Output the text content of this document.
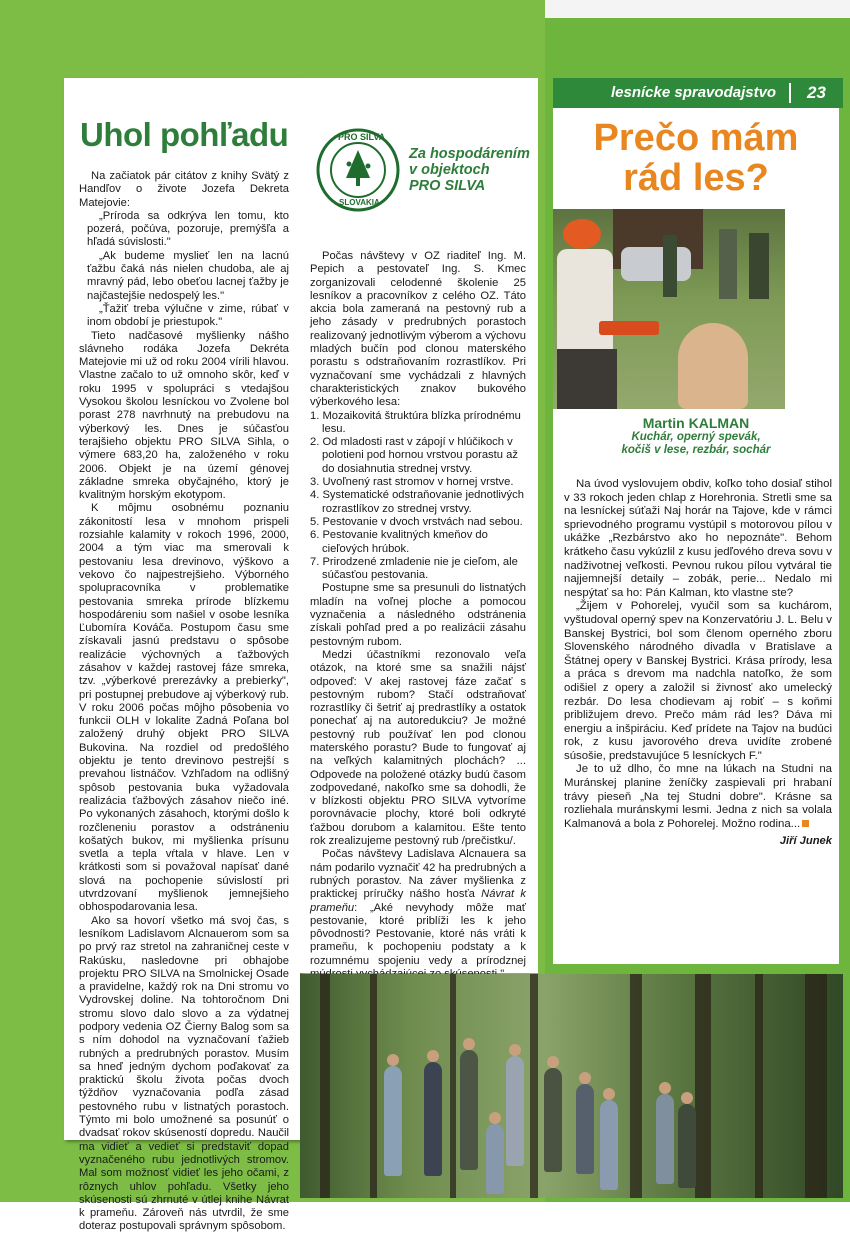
lesnícke spravodajstvo 23
Uhol pohľadu

Na začiatok pár citátov z knihy Svätý z Handľov o živote Jozefa Dekreta Matejovie:

„Príroda sa odkrýva len tomu, kto pozerá, počúva, pozoruje, premýšľa a hľadá súvislosti."

„Ak budeme myslieť len na lacnú ťažbu čaká nás nielen chudoba, ale aj mravný pád, lebo obeťou lacnej ťažby je najčastejšie nedospelý les."

„Ťažiť treba výlučne v zime, rúbať v inom období je priestupok."

Tieto nadčasové myšlienky nášho slávneho rodáka Jozefa Dekréta Matejovie mi už od roku 2004 vírili hlavou. Vlastne začalo to už omnoho skôr, keď v roku 1995 v spolupráci s vtedajšou Vysokou školou lesníckou vo Zvolene bol porast 278 navrhnutý na prebudovu na výberkový les. Dnes je súčasťou terajšieho objektu PRO SILVA Sihla, o výmere 683,20 ha, založeného v roku 2006. Objekt je na území génovej základne smreka obyčajného, ktorý je kvalitným horským ekotypom.

K môjmu osobnému poznaniu zákonitostí lesa v mnohom prispeli rozsiahle kalamity v rokoch 1996, 2000, 2004 a tým viac ma smerovali k pestovaniu lesa drevinovo, výškovo a vekovo čo najpestrejšieho. Výborného spolupracovníka v problematike pestovania smreka prírode blízkemu hospodáreniu som našiel v osobe lesníka Ľubomíra Kováča. Postupom času sme získavali jasnú predstavu o spôsobe realizácie výchovných a ťažbových zásahov v každej rastovej fáze smreka, tzv. „výberkové prerezávky a prebierky", pri postupnej prebudove aj výberkový rub. V roku 2006 počas môjho pôsobenia vo funkcii OLH v lokalite Zadná Poľana bol založený druhý objekt PRO SILVA Bukovina. Na rozdiel od predošlého objektu je tento drevinovo pestrejší s prevahou listnáčov. Vzhľadom na odlišný spôsob pestovania buka vyžadovala realizácia ťažbových zásahov niečo iné. Po vykonaných zásahoch, ktorými došlo k rozčleneniu porastov a odstráneniu košatých bukov, mi myšlienka prísunu svetla a tepla vŕtala v hlave. Len v krátkosti som si považoval napísať dané slová na pochopenie súvislostí pri utvrdzovaní myšlienok jemnejšieho obhospodarovania lesa.

Ako sa hovorí všetko má svoj čas, s lesníkom Ladislavom Alcnauerom som sa po prvý raz stretol na zahraničnej ceste v Rakúsku, nasledovne pri obhajobe projektu PRO SILVA na Smolnickej Osade a pravidelne, každý rok na Dni stromu vo Vydrovskej doline. Na tohtoročnom Dni stromu slovo dalo slovo a za výdatnej podpory vedenia OZ Čierny Balog som sa s ním dohodol na vyznačovaní ťažieb rubných a predrubných porastov. Musím sa hneď jedným dychom poďakovať za praktickú školu života počas dvoch týždňov vyznačovania podľa zásad pestovného rubu v listnatých porastoch. Týmto mi bolo umožnené sa posunúť o dvadsať rokov skúseností dopredu. Naučil ma vidieť a vedieť si predstaviť dopad vyznačeného rubu jednotlivých stromov. Mal som možnosť vidieť les jeho očami, z rôznych uhlov pohľadu. Všetky jeho skúsenosti sú zhrnuté v útlej knihe Návrat k prameňu. Zároveň nás utvrdil, že sme doteraz postupovali správnym spôsobom.

PRO SILVA
SLOVAKIA
Za hospodárením
v objektoch
PRO SILVA

Počas návštevy v OZ riaditeľ Ing. M. Pepich a pestovateľ Ing. S. Kmec zorganizovali celodenné školenie 25 lesníkov a pracovníkov z celého OZ. Táto akcia bola zameraná na pestovný rub a jeho zásady v predrubných porastoch realizovaný jednotlivým výberom a výchovu mladých bučín pod clonou materského porastu s odstraňovaním rozrastlíkov. Pri vyznačovaní sme vychádzali z hlavných charakteristických znakov bukového výberkového lesa:

1. Mozaikovitá štruktúra blízka prírodnému lesu.

2. Od mladosti rast v zápojí v hlúčikoch v polotieni pod hornou vrstvou porastu až do dosiahnutia strednej vrstvy.

3. Uvoľnený rast stromov v hornej vrstve.

4. Systematické odstraňovanie jednotlivých rozrastlíkov zo strednej vrstvy.

5. Pestovanie v dvoch vrstvách nad sebou.

6. Pestovanie kvalitných kmeňov do cieľových hrúbok.

7. Prirodzené zmladenie nie je cieľom, ale súčasťou pestovania.

Postupne sme sa presunuli do listnatých mladín na voľnej ploche a pomocou vyznačenia a následného odstránenia získali pohľad pred a po realizácii zásahu pestovným rubom.

Medzi účastníkmi rezonovalo veľa otázok, na ktoré sme sa snažili nájsť odpoveď: V akej rastovej fáze začať s pestovným rubom? Stačí odstraňovať rozrastlíky či šetriť aj predrastlíky a ostatok ponechať aj na autoredukciu? Je možné pestovný rub používať len pod clonou materského porastu? Bude to fungovať aj na veľkých kalamitných plochách? ... Odpovede na položené otázky budú časom zodpovedané, nakoľko sme sa dohodli, že v blízkosti objektu PRO SILVA vytvoríme porovnávacie plochy, ktoré boli odkryté ťažbou dorubom a kalamitou. Ešte tento rok zrealizujeme pestovný rub /prečistku/.

Počas návštevy Ladislava Alcnauera sa nám podarilo vyznačiť 42 ha predrubných a rubných porastov. Na záver myšlienka z praktickej príručky nášho hosťa Návrat k prameňu: „Aké nevyhody môže mať pestovanie, ktoré priblíži les k jeho pôvodnosti? Pestovanie, ktoré nás vráti k prameňu, k pochopeniu podstaty a k rozumnému spojeniu vedy a prírodznej

Prečo mám
rád les?
Martin KALMAN
Kuchár, operný spevák,
kočiš v lese, rezbár, sochár

Na úvod vyslovujem obdiv, koľko toho dosiaľ stihol v 33 rokoch jeden chlap z Horehronia. Stretli sme sa na lesníckej súťaži Naj horár na Tajove, kde v rámci sprievodného programu vystúpil s motorovou pílou v ukážke „Rezbárstvo ako ho nepoznáte". Behom krátkeho času vykúzlil z kusu jedľového dreva sovu v nadživotnej veľkosti. Pevnou rukou pílou vytváral tie najjemnejší detaily – zobák, perie... Nedalo mi nespýtať sa ho: Pán Kalman, kto vlastne ste?

„Žijem v Pohorelej, vyučil som sa kuchárom, vyštudoval operný spev na Konzervatóriu J. L. Belu v Banskej Bystrici, bol som členom operného zboru Slovenského národného divadla v Bratislave a Štátnej opery v Banskej Bystrici. Krása prírody, lesa a práca s drevom ma nadchla natoľko, že som odišiel z opery a založil si živnosť ako umelecký rezbár. Do lesa chodievam aj robiť – s koňmi približujem drevo. Prečo mám rád les? Dáva mi energiu a inšpiráciu. Keď prídete na Tajov na budúci rok, z kusu javorového dreva uvidíte zrobené súsošie, predstavujúce 5 lesníckych F."

Je to už dlho, čo mne na lúkach na Studni na Muránskej planine ženíčky zaspievali pri hrabaní trávy pieseň „Na tej Studni dobre". Krásne sa rozliehala muránskymi lesmi. Jedna z nich sa volala Kalmanová a bola z Pohorelej. Možno rodina...

Jiří Junek
